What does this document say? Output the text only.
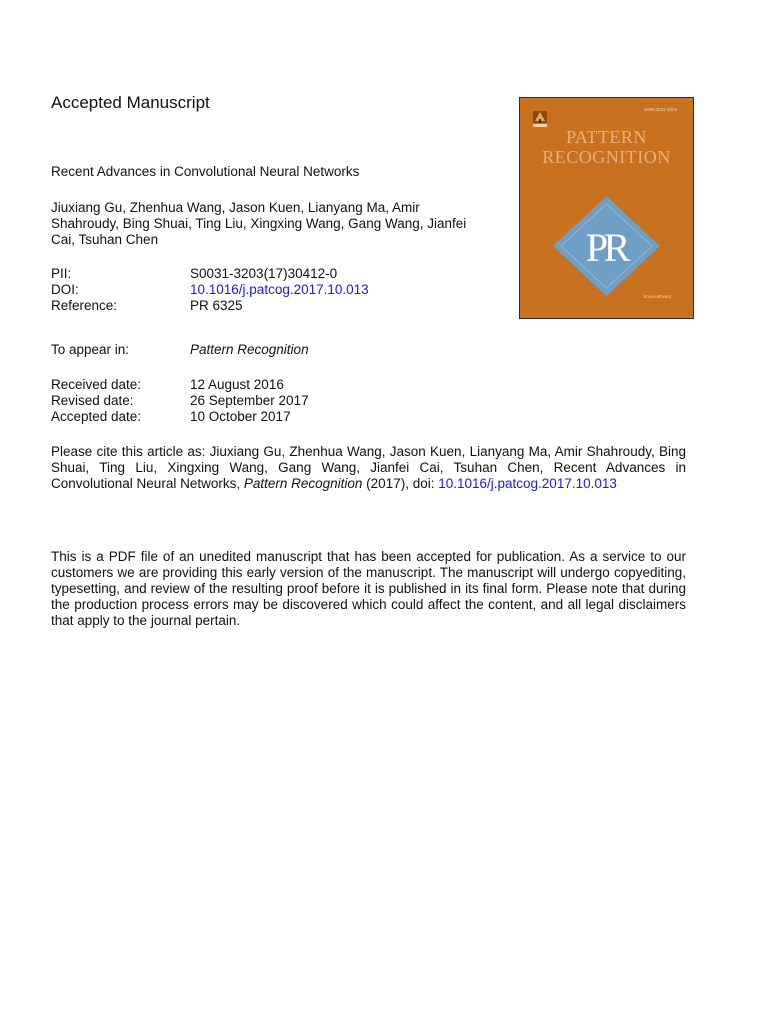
Accepted Manuscript
Recent Advances in Convolutional Neural Networks
Jiuxiang Gu, Zhenhua Wang, Jason Kuen, Lianyang Ma, Amir Shahroudy, Bing Shuai, Ting Liu, Xingxing Wang, Gang Wang, Jianfei Cai, Tsuhan Chen
PII:	S0031-3203(17)30412-0
DOI:	10.1016/j.patcog.2017.10.013
Reference:	PR 6325
To appear in:	Pattern Recognition
Received date:	12 August 2016
Revised date:	26 September 2017
Accepted date:	10 October 2017
Please cite this article as: Jiuxiang Gu, Zhenhua Wang, Jason Kuen, Lianyang Ma, Amir Shahroudy, Bing Shuai, Ting Liu, Xingxing Wang, Gang Wang, Jianfei Cai, Tsuhan Chen, Recent Advances in Convolutional Neural Networks, Pattern Recognition (2017), doi: 10.1016/j.patcog.2017.10.013
This is a PDF file of an unedited manuscript that has been accepted for publication. As a service to our customers we are providing this early version of the manuscript. The manuscript will undergo copyediting, typesetting, and review of the resulting proof before it is published in its final form. Please note that during the production process errors may be discovered which could affect the content, and all legal disclaimers that apply to the journal pertain.
ISSN 0031-3203
PATTERN
RECOGNITION
P
R
ScienceDirect
